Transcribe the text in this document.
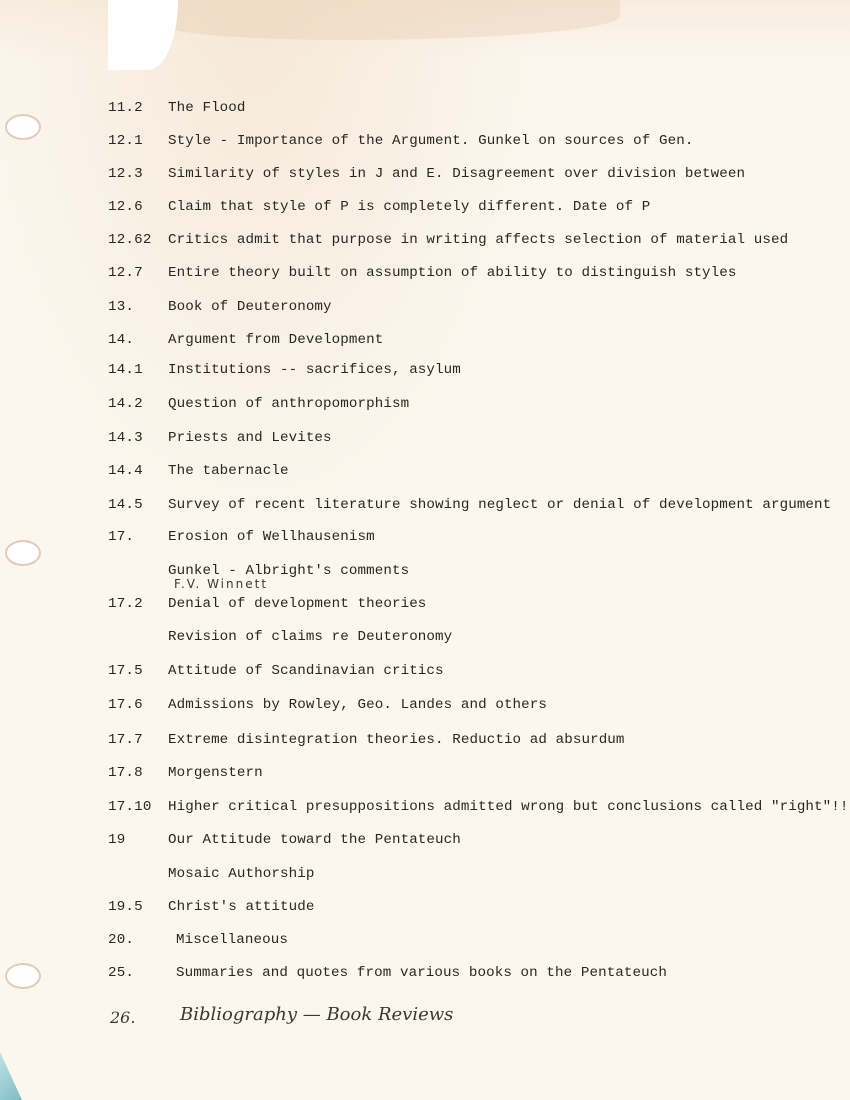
11.2 The Flood
12.1 Style - Importance of the Argument. Gunkel on sources of Gen.
12.3 Similarity of styles in J and E. Disagreement over division between
12.6 Claim that style of P is completely different. Date of P
12.62 Critics admit that purpose in writing affects selection of material used
12.7 Entire theory built on assumption of ability to distinguish styles
13. Book of Deuteronomy
14. Argument from Development
14.1 Institutions -- sacrifices, asylum
14.2 Question of anthropomorphism
14.3 Priests and Levites
14.4 The tabernacle
14.5 Survey of recent literature showing neglect or denial of development argument
17. Erosion of Wellhausenism
Gunkel - Albright's comments
F.V. Winnett
17.2 Denial of development theories
Revision of claims re Deuteronomy
17.5 Attitude of Scandinavian critics
17.6 Admissions by Rowley, Geo. Landes and others
17.7 Extreme disintegration theories. Reductio ad absurdum
17.8 Morgenstern
17.10 Higher critical presuppositions admitted wrong but conclusions called "right"!!
19	Our Attitude toward the Pentateuch
Mosaic Authorship
19.5 Christ's attitude
20.	Miscellaneous
25.	Summaries and quotes from various books on the Pentateuch
26. Bibliography — Book Reviews
